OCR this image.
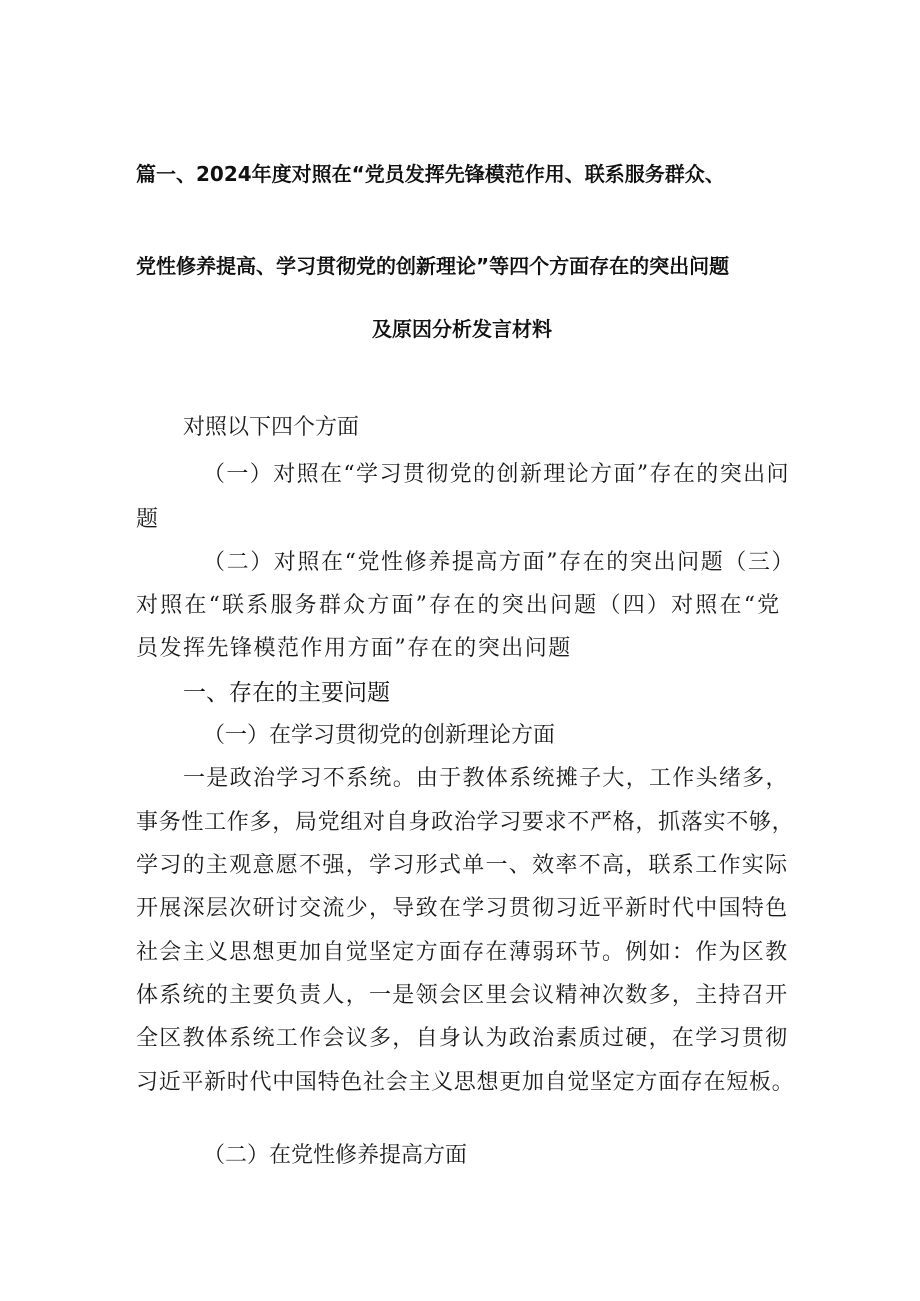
篇一、2024年度对照在“党员发挥先锋模范作用、联系服务群众、
党性修养提高、学习贯彻党的创新理论”等四个方面存在的突出问题
及原因分析发言材料
对照以下四个方面
（一）对照在“学习贯彻党的创新理论方面”存在的突出问
题
（二）对照在“党性修养提高方面”存在的突出问题（三）
对照在“联系服务群众方面”存在的突出问题（四）对照在“党
员发挥先锋模范作用方面”存在的突出问题
一、存在的主要问题
（一）在学习贯彻党的创新理论方面
一是政治学习不系统。由于教体系统摊子大，工作头绪多，
事务性工作多，局党组对自身政治学习要求不严格，抓落实不够，
学习的主观意愿不强，学习形式单一、效率不高，联系工作实际
开展深层次研讨交流少，导致在学习贯彻习近平新时代中国特色
社会主义思想更加自觉坚定方面存在薄弱环节。例如：作为区教
体系统的主要负责人，一是领会区里会议精神次数多，主持召开
全区教体系统工作会议多，自身认为政治素质过硬，在学习贯彻
习近平新时代中国特色社会主义思想更加自觉坚定方面存在短板。
（二）在党性修养提高方面
